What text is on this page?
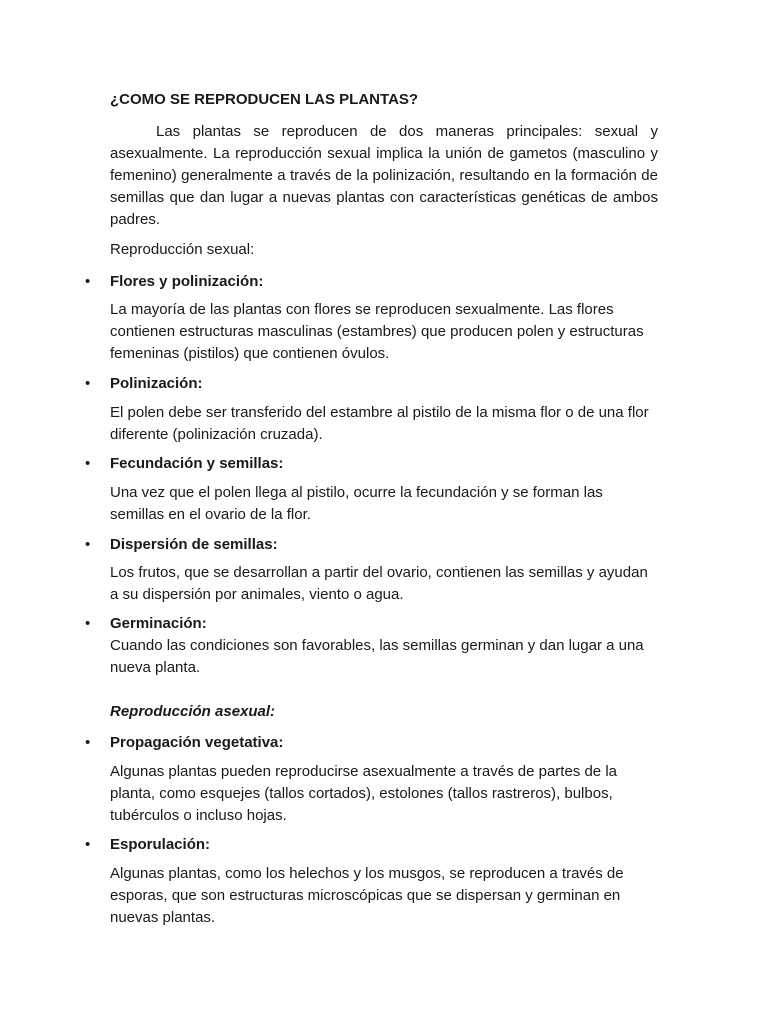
¿COMO SE REPRODUCEN LAS PLANTAS?

Las plantas se reproducen de dos maneras principales: sexual y asexualmente. La reproducción sexual implica la unión de gametos (masculino y femenino) generalmente a través de la polinización, resultando en la formación de semillas que dan lugar a nuevas plantas con características genéticas de ambos padres.

Reproducción sexual:

• Flores y polinización:

La mayoría de las plantas con flores se reproducen sexualmente. Las flores contienen estructuras masculinas (estambres) que producen polen y estructuras femeninas (pistilos) que contienen óvulos.

• Polinización:

El polen debe ser transferido del estambre al pistilo de la misma flor o de una flor diferente (polinización cruzada).

• Fecundación y semillas:

Una vez que el polen llega al pistilo, ocurre la fecundación y se forman las semillas en el ovario de la flor.

• Dispersión de semillas:

Los frutos, que se desarrollan a partir del ovario, contienen las semillas y ayudan a su dispersión por animales, viento o agua.

• Germinación:

Cuando las condiciones son favorables, las semillas germinan y dan lugar a una nueva planta.

Reproducción asexual:

• Propagación vegetativa:

Algunas plantas pueden reproducirse asexualmente a través de partes de la planta, como esquejes (tallos cortados), estolones (tallos rastreros), bulbos, tubérculos o incluso hojas.

• Esporulación:

Algunas plantas, como los helechos y los musgos, se reproducen a través de esporas, que son estructuras microscópicas que se dispersan y germinan en nuevas plantas.
